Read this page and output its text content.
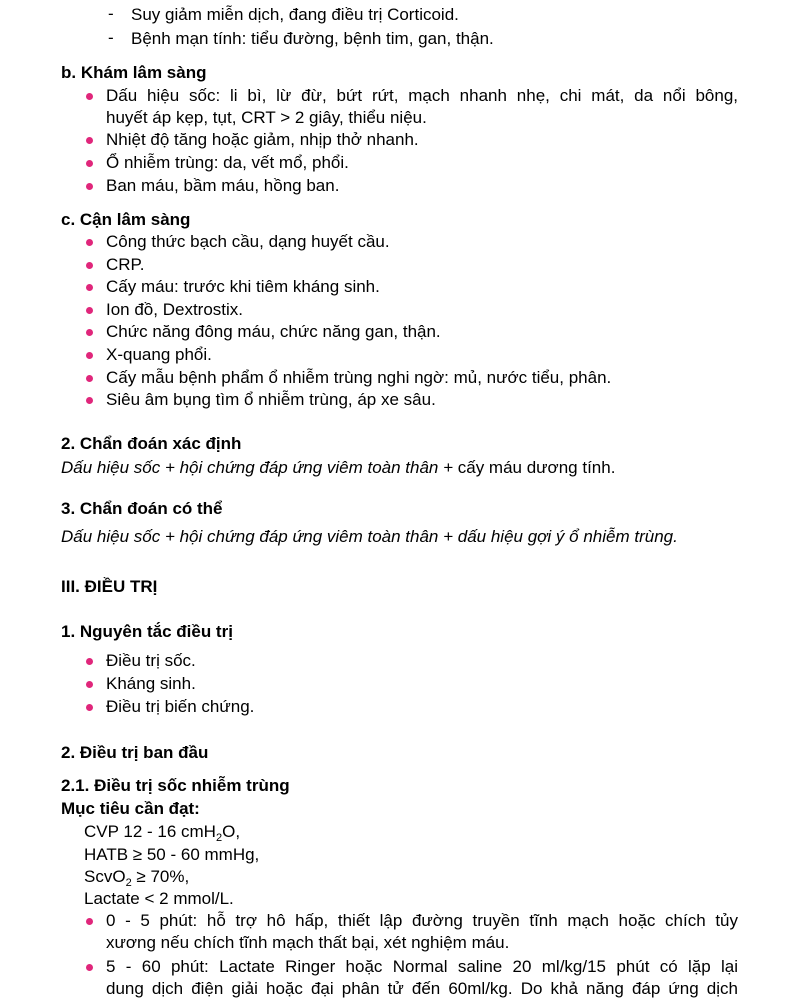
- Suy giảm miễn dịch, đang điều trị Corticoid.
- Bệnh mạn tính: tiểu đường, bệnh tim, gan, thận.
b. Khám lâm sàng
Dấu hiệu sốc: li bì, lừ đừ, bứt rứt, mạch nhanh nhẹ, chi mát, da nổi bông,
huyết áp kẹp, tụt, CRT > 2 giây, thiểu niệu.
Nhiệt độ tăng hoặc giảm, nhịp thở nhanh.
Ổ nhiễm trùng: da, vết mổ, phổi.
Ban máu, bầm máu, hồng ban.
c. Cận lâm sàng
Công thức bạch cầu, dạng huyết cầu.
CRP.
Cấy máu: trước khi tiêm kháng sinh.
Ion đồ, Dextrostix.
Chức năng đông máu, chức năng gan, thận.
X-quang phổi.
Cấy mẫu bệnh phẩm ổ nhiễm trùng nghi ngờ: mủ, nước tiểu, phân.
Siêu âm bụng tìm ổ nhiễm trùng, áp xe sâu.
2. Chẩn đoán xác định
Dấu hiệu sốc + hội chứng đáp ứng viêm toàn thân + cấy máu dương tính.
3. Chẩn đoán có thể
Dấu hiệu sốc + hội chứng đáp ứng viêm toàn thân + dấu hiệu gợi ý ổ nhiễm trùng.
III. ĐIỀU TRỊ
1. Nguyên tắc điều trị
Điều trị sốc.
Kháng sinh.
Điều trị biến chứng.
2. Điều trị ban đầu
2.1. Điều trị sốc nhiễm trùng
Mục tiêu cần đạt:
CVP 12 - 16 cmH$_2$O,
HATB ≥ 50 - 60 mmHg,
ScvO$_2$ ≥ 70%,
Lactate < 2 mmol/L.
0 - 5 phút: hỗ trợ hô hấp, thiết lập đường truyền tĩnh mạch hoặc chích tủy
xương nếu chích tĩnh mạch thất bại, xét nghiệm máu.
5 - 60 phút: Lactate Ringer hoặc Normal saline 20 ml/kg/15 phút có lặp lại
dung dịch điện giải hoặc đại phân tử đến 60ml/kg. Do khả năng đáp ứng dịch
